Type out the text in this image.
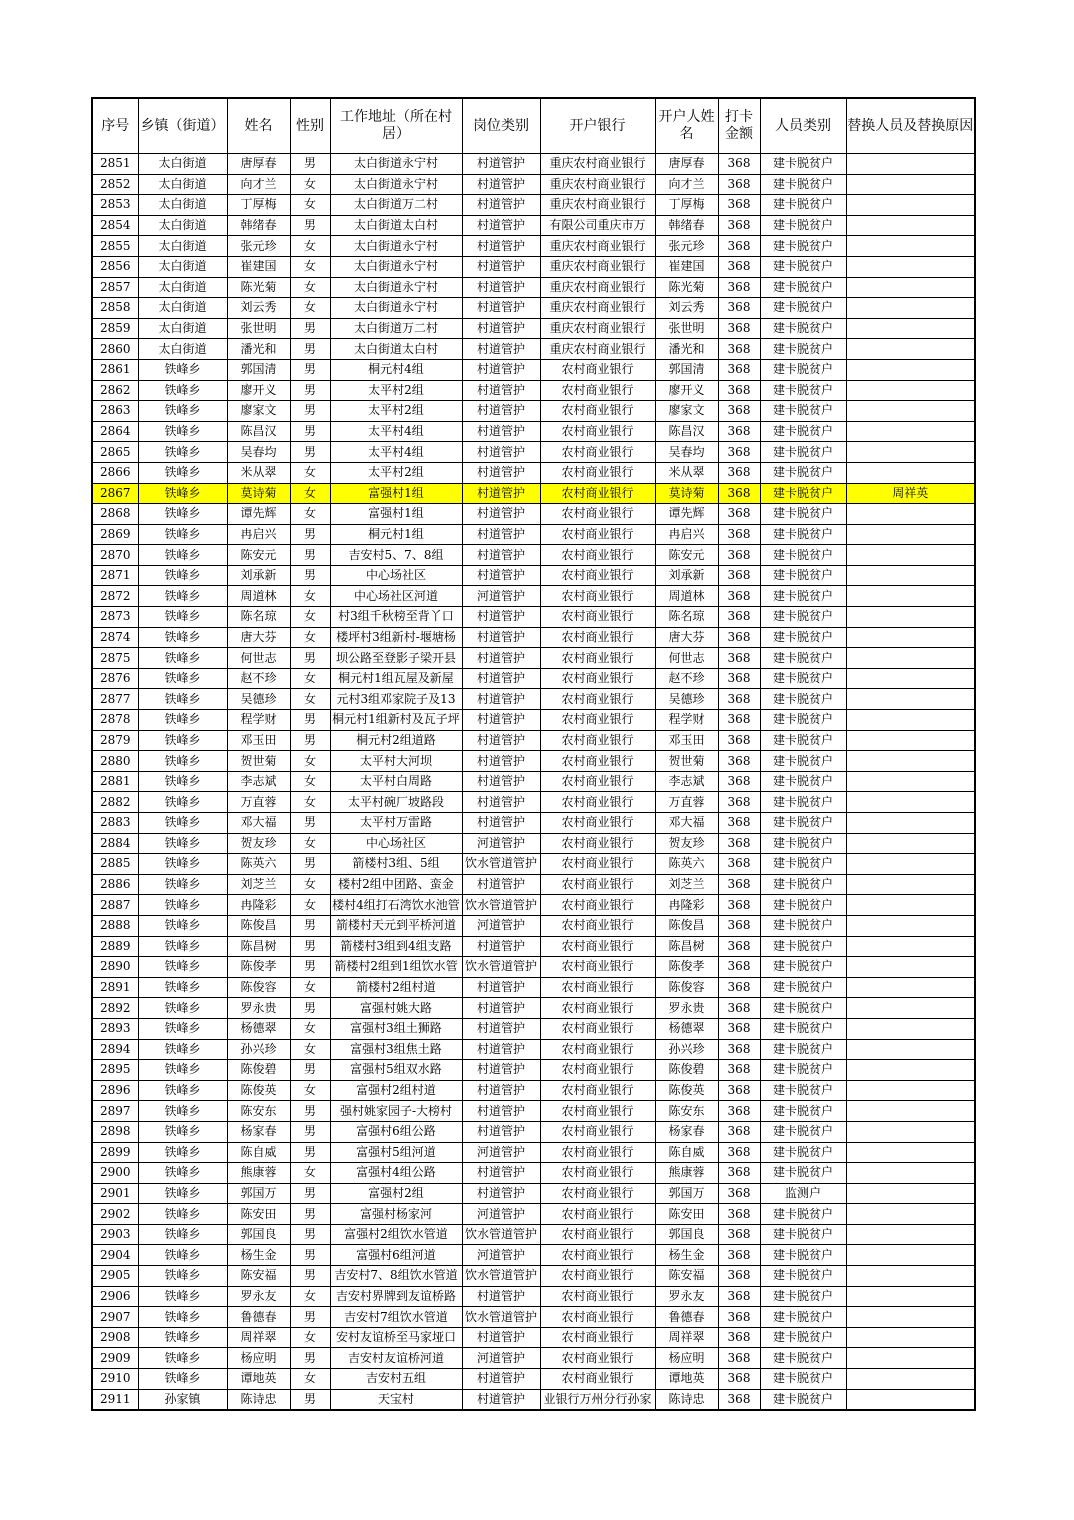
序号	乡镇（街道）	姓名	性别	工作地址（所在村居）	岗位类别	开户银行	开户人姓名	打卡金额	人员类别	替换人员及替换原因
2851	太白街道	唐厚春	男	太白街道永宁村	村道管护	重庆农村商业银行	唐厚春	368	建卡脱贫户	
2852	太白街道	向才兰	女	太白街道永宁村	村道管护	重庆农村商业银行	向才兰	368	建卡脱贫户	
2853	太白街道	丁厚梅	女	太白街道万二村	村道管护	重庆农村商业银行	丁厚梅	368	建卡脱贫户	
2854	太白街道	韩绪春	男	太白街道太白村	村道管护	有限公司重庆市万	韩绪春	368	建卡脱贫户	
2855	太白街道	张元珍	女	太白街道永宁村	村道管护	重庆农村商业银行	张元珍	368	建卡脱贫户	
2856	太白街道	崔建国	女	太白街道永宁村	村道管护	重庆农村商业银行	崔建国	368	建卡脱贫户	
2857	太白街道	陈光菊	女	太白街道永宁村	村道管护	重庆农村商业银行	陈光菊	368	建卡脱贫户	
2858	太白街道	刘云秀	女	太白街道永宁村	村道管护	重庆农村商业银行	刘云秀	368	建卡脱贫户	
2859	太白街道	张世明	男	太白街道万二村	村道管护	重庆农村商业银行	张世明	368	建卡脱贫户	
2860	太白街道	潘光和	男	太白街道太白村	村道管护	重庆农村商业银行	潘光和	368	建卡脱贫户	
2861	铁峰乡	郭国清	男	桐元村4组	村道管护	农村商业银行	郭国清	368	建卡脱贫户	
2862	铁峰乡	廖开义	男	太平村2组	村道管护	农村商业银行	廖开义	368	建卡脱贫户	
2863	铁峰乡	廖家文	男	太平村2组	村道管护	农村商业银行	廖家文	368	建卡脱贫户	
2864	铁峰乡	陈昌汉	男	太平村4组	村道管护	农村商业银行	陈昌汉	368	建卡脱贫户	
2865	铁峰乡	吴春均	男	太平村4组	村道管护	农村商业银行	吴春均	368	建卡脱贫户	
2866	铁峰乡	米从翠	女	太平村2组	村道管护	农村商业银行	米从翠	368	建卡脱贫户	
2867	铁峰乡	莫诗菊	女	富强村1组	村道管护	农村商业银行	莫诗菊	368	建卡脱贫户	周祥英
2868	铁峰乡	谭先辉	女	富强村1组	村道管护	农村商业银行	谭先辉	368	建卡脱贫户	
2869	铁峰乡	冉启兴	男	桐元村1组	村道管护	农村商业银行	冉启兴	368	建卡脱贫户	
2870	铁峰乡	陈安元	男	吉安村5、7、8组	村道管护	农村商业银行	陈安元	368	建卡脱贫户	
2871	铁峰乡	刘承新	男	中心场社区	村道管护	农村商业银行	刘承新	368	建卡脱贫户	
2872	铁峰乡	周道林	女	中心场社区河道	河道管护	农村商业银行	周道林	368	建卡脱贫户	
2873	铁峰乡	陈名琼	女	村3组千秋榜至背丫口	村道管护	农村商业银行	陈名琼	368	建卡脱贫户	
2874	铁峰乡	唐大芬	女	楼坪村3组新村-堰塘杨	村道管护	农村商业银行	唐大芬	368	建卡脱贫户	
2875	铁峰乡	何世志	男	坝公路至登影子梁开县	村道管护	农村商业银行	何世志	368	建卡脱贫户	
2876	铁峰乡	赵不珍	女	桐元村1组瓦屋及新屋	村道管护	农村商业银行	赵不珍	368	建卡脱贫户	
2877	铁峰乡	吴德珍	女	元村3组邓家院子及13	村道管护	农村商业银行	吴德珍	368	建卡脱贫户	
2878	铁峰乡	程学财	男	桐元村1组新村及瓦子坪	村道管护	农村商业银行	程学财	368	建卡脱贫户	
2879	铁峰乡	邓玉田	男	桐元村2组道路	村道管护	农村商业银行	邓玉田	368	建卡脱贫户	
2880	铁峰乡	贺世菊	女	太平村大河坝	村道管护	农村商业银行	贺世菊	368	建卡脱贫户	
2881	铁峰乡	李志斌	女	太平村白周路	村道管护	农村商业银行	李志斌	368	建卡脱贫户	
2882	铁峰乡	万直蓉	女	太平村碗厂坡路段	村道管护	农村商业银行	万直蓉	368	建卡脱贫户	
2883	铁峰乡	邓大福	男	太平村万雷路	村道管护	农村商业银行	邓大福	368	建卡脱贫户	
2884	铁峰乡	贺友珍	女	中心场社区	河道管护	农村商业银行	贺友珍	368	建卡脱贫户	
2885	铁峰乡	陈英六	男	箭楼村3组、5组	饮水管道管护	农村商业银行	陈英六	368	建卡脱贫户	
2886	铁峰乡	刘芝兰	女	楼村2组中团路、蛮金	村道管护	农村商业银行	刘芝兰	368	建卡脱贫户	
2887	铁峰乡	冉隆彩	女	楼村4组打石湾饮水池管	饮水管道管护	农村商业银行	冉隆彩	368	建卡脱贫户	
2888	铁峰乡	陈俊昌	男	箭楼村天元到平桥河道	河道管护	农村商业银行	陈俊昌	368	建卡脱贫户	
2889	铁峰乡	陈昌树	男	箭楼村3组到4组支路	村道管护	农村商业银行	陈昌树	368	建卡脱贫户	
2890	铁峰乡	陈俊孝	男	箭楼村2组到1组饮水管	饮水管道管护	农村商业银行	陈俊孝	368	建卡脱贫户	
2891	铁峰乡	陈俊容	女	箭楼村2组村道	村道管护	农村商业银行	陈俊容	368	建卡脱贫户	
2892	铁峰乡	罗永贵	男	富强村姚大路	村道管护	农村商业银行	罗永贵	368	建卡脱贫户	
2893	铁峰乡	杨德翠	女	富强村3组土狮路	村道管护	农村商业银行	杨德翠	368	建卡脱贫户	
2894	铁峰乡	孙兴珍	女	富强村3组焦土路	村道管护	农村商业银行	孙兴珍	368	建卡脱贫户	
2895	铁峰乡	陈俊碧	男	富强村5组双水路	村道管护	农村商业银行	陈俊碧	368	建卡脱贫户	
2896	铁峰乡	陈俊英	女	富强村2组村道	村道管护	农村商业银行	陈俊英	368	建卡脱贫户	
2897	铁峰乡	陈安东	男	强村姚家园子-大榜村	村道管护	农村商业银行	陈安东	368	建卡脱贫户	
2898	铁峰乡	杨家春	男	富强村6组公路	村道管护	农村商业银行	杨家春	368	建卡脱贫户	
2899	铁峰乡	陈自威	男	富强村5组河道	河道管护	农村商业银行	陈自威	368	建卡脱贫户	
2900	铁峰乡	熊康蓉	女	富强村4组公路	村道管护	农村商业银行	熊康蓉	368	建卡脱贫户	
2901	铁峰乡	郭国万	男	富强村2组	村道管护	农村商业银行	郭国万	368	监测户	
2902	铁峰乡	陈安田	男	富强村杨家河	河道管护	农村商业银行	陈安田	368	建卡脱贫户	
2903	铁峰乡	郭国良	男	富强村2组饮水管道	饮水管道管护	农村商业银行	郭国良	368	建卡脱贫户	
2904	铁峰乡	杨生金	男	富强村6组河道	河道管护	农村商业银行	杨生金	368	建卡脱贫户	
2905	铁峰乡	陈安福	男	吉安村7、8组饮水管道	饮水管道管护	农村商业银行	陈安福	368	建卡脱贫户	
2906	铁峰乡	罗永友	女	吉安村界牌到友谊桥路	村道管护	农村商业银行	罗永友	368	建卡脱贫户	
2907	铁峰乡	鲁德春	男	吉安村7组饮水管道	饮水管道管护	农村商业银行	鲁德春	368	建卡脱贫户	
2908	铁峰乡	周祥翠	女	安村友谊桥至马家垭口	村道管护	农村商业银行	周祥翠	368	建卡脱贫户	
2909	铁峰乡	杨应明	男	吉安村友谊桥河道	河道管护	农村商业银行	杨应明	368	建卡脱贫户	
2910	铁峰乡	谭地英	女	吉安村五组	村道管护	农村商业银行	谭地英	368	建卡脱贫户	
2911	孙家镇	陈诗忠	男	天宝村	村道管护	业银行万州分行孙家	陈诗忠	368	建卡脱贫户	
